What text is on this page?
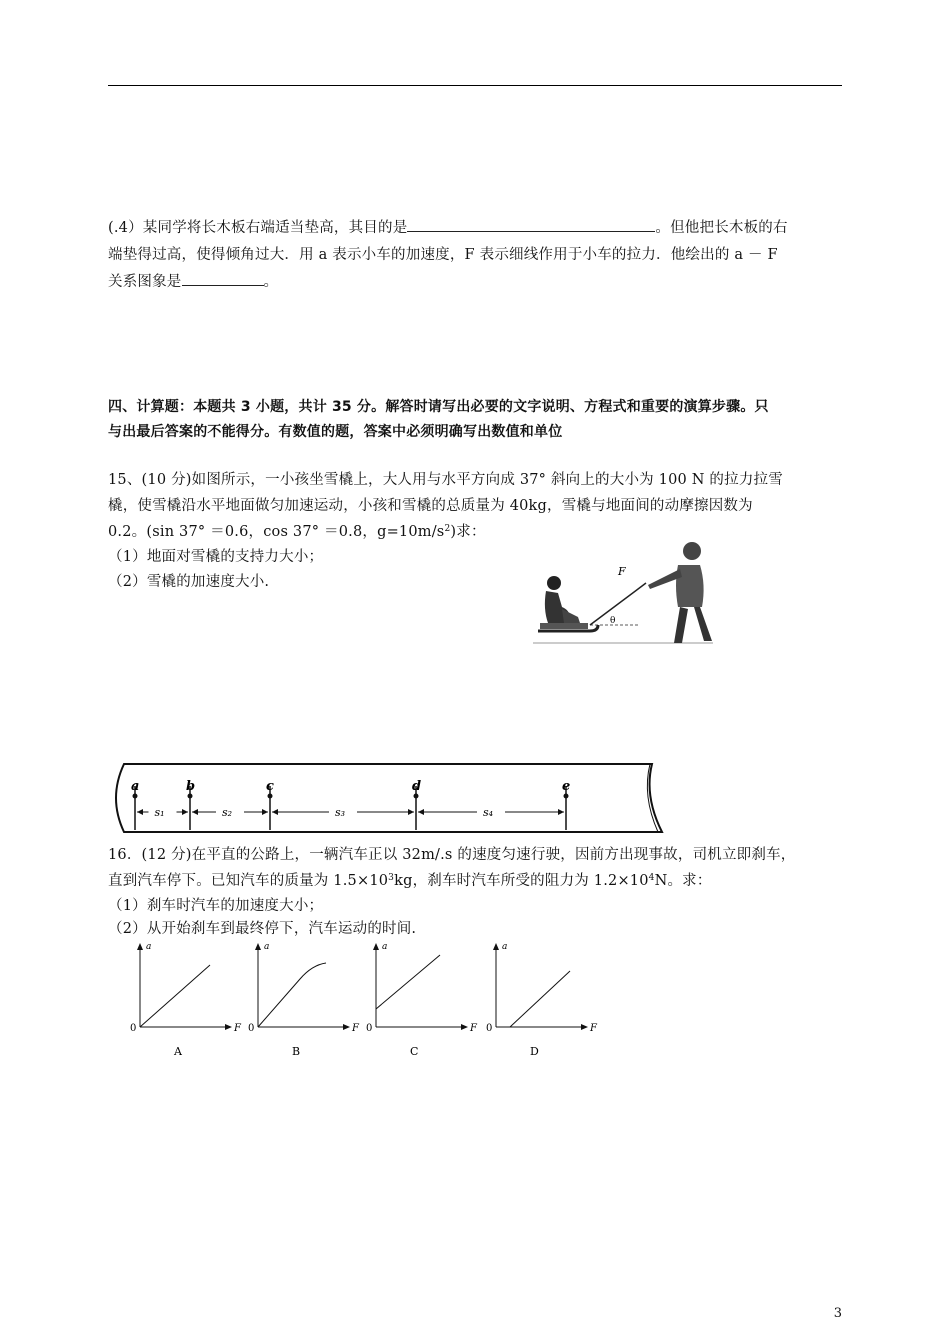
(.4）某同学将长木板右端适当垫高，其目的是	。但他把长木板的右
端垫得过高，使得倾角过大．用 a 表示小车的加速度，F 表示细线作用于小车的拉力．他绘出的 a － F
关系图象是	。
四、计算题：本题共 3 小题，共计 35 分。解答时请写出必要的文字说明、方程式和重要的演算步骤。只
与出最后答案的不能得分。有数值的题，答案中必须明确写出数值和单位
15、(10 分)如图所示，一小孩坐雪橇上，大人用与水平方向成 37° 斜向上的大小为 100 N 的拉力拉雪
橇，使雪橇沿水平地面做匀加速运动，小孩和雪橇的总质量为 40kg，雪橇与地面间的动摩擦因数为
0.2。(sin 37° ＝0.6，cos 37° ＝0.8，$g=10m/s^2$)求：
（1）地面对雪橇的支持力大小；
（2）雪橇的加速度大小.
F
θ
a	b	c	d	e
s₁	s₂	s₃	s₄
16．(12 分)在平直的公路上，一辆汽车正以 32m/.s 的速度匀速行驶，因前方出现事故，司机立即刹车，
直到汽车停下。已知汽车的质量为 $1.5\times 10^3kg$，刹车时汽车所受的阻力为 $1.2\times 10^4N$。求：
（1）刹车时汽车的加速度大小；
（2）从开始刹车到最终停下，汽车运动的时间.
a
F
0
A
a
F
0
B
a
F
0
C
a
F
0
D
3
